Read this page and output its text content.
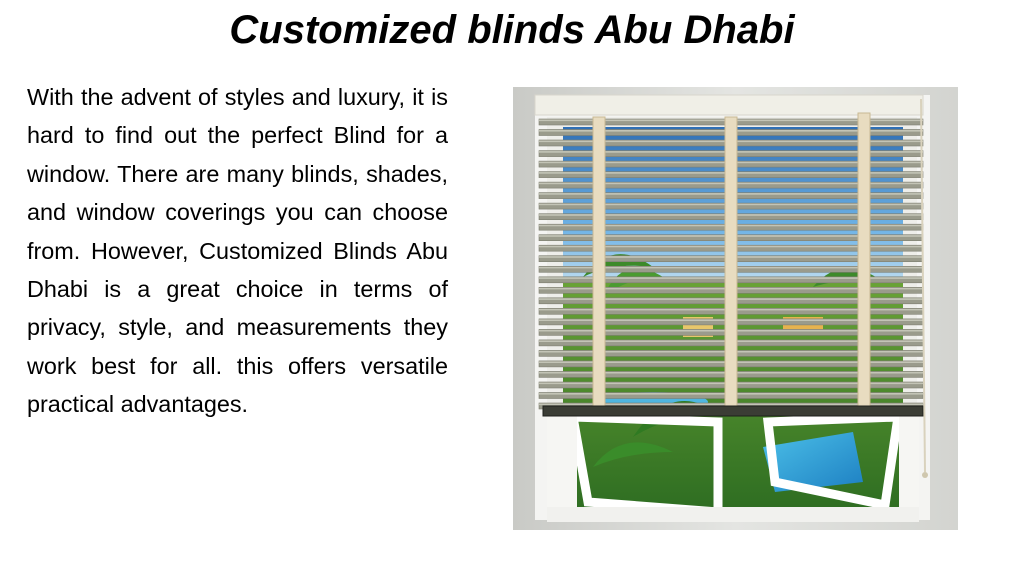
Customized blinds Abu Dhabi
With the advent of styles and luxury, it is hard to find out the perfect Blind for a window. There are many blinds, shades, and window coverings you can choose from. However, Customized Blinds Abu Dhabi is a great choice in terms of privacy, style, and measurements they work best for all. this offers versatile practical advantages.
